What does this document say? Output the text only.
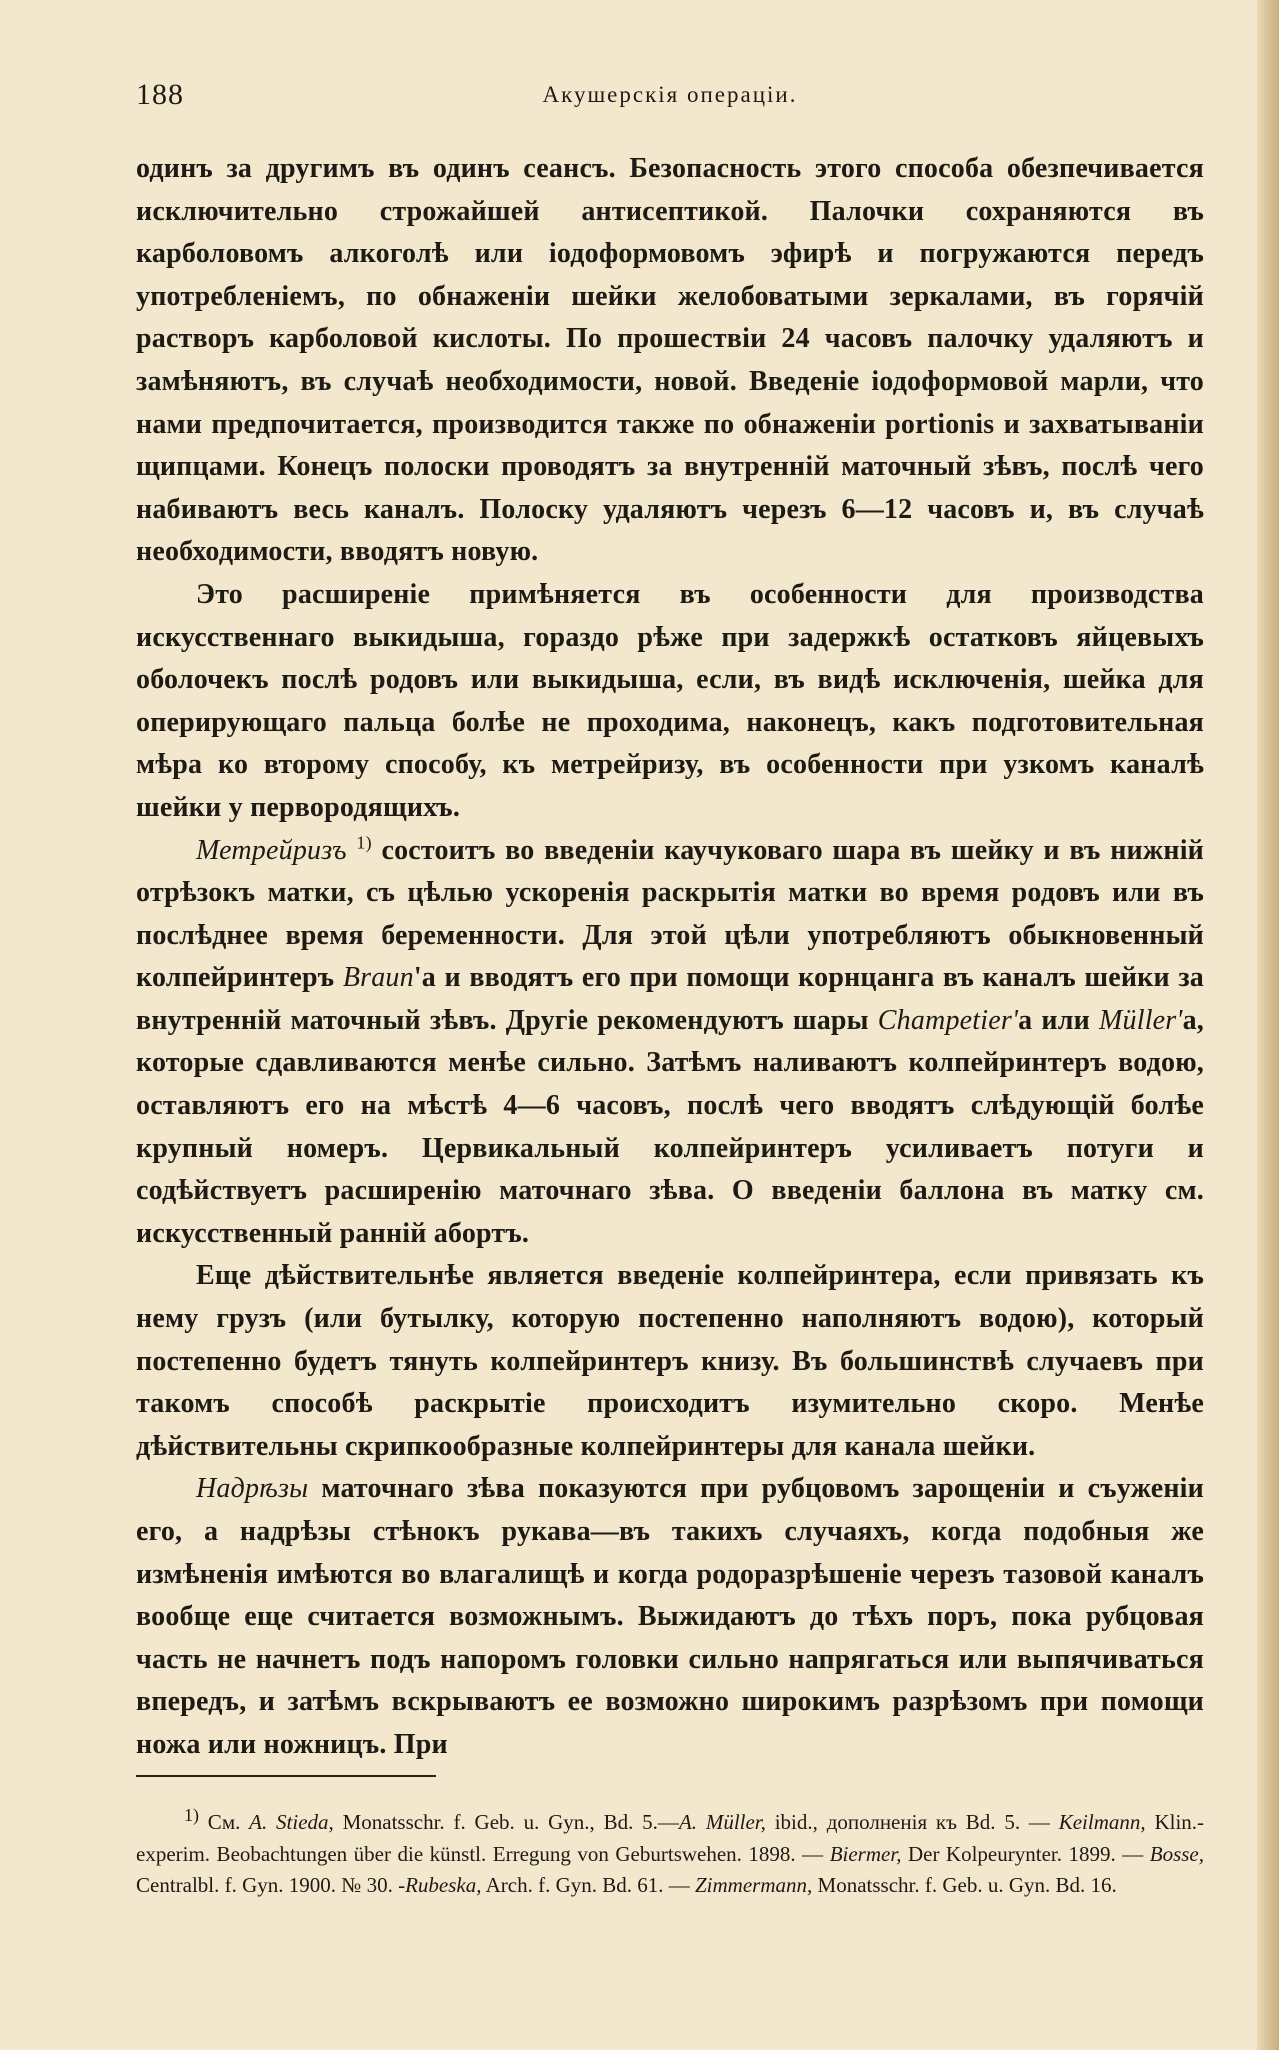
188	Акушерскія операціи.

одинъ за другимъ въ одинъ сеансъ. Безопасность этого способа обезпечивается исключительно строжайшей антисептикой. Палочки сохраняются въ карболовомъ алкоголѣ или іодоформовомъ эфирѣ и погружаются передъ употребленіемъ, по обнаженіи шейки желобоватыми зеркалами, въ горячій растворъ карболовой кислоты. По прошествіи 24 часовъ палочку удаляютъ и замѣняютъ, въ случаѣ необходимости, новой. Введеніе іодоформовой марли, что нами предпочитается, производится также по обнаженіи portionis и захватываніи щипцами. Конецъ полоски проводятъ за внутренній маточный зѣвъ, послѣ чего набиваютъ весь каналъ. Полоску удаляютъ черезъ 6—12 часовъ и, въ случаѣ необходимости, вводятъ новую.

Это расширеніе примѣняется въ особенности для производства искусственнаго выкидыша, гораздо рѣже при задержкѣ остатковъ яйцевыхъ оболочекъ послѣ родовъ или выкидыша, если, въ видѣ исключенія, шейка для оперирующаго пальца болѣе не проходима, наконецъ, какъ подготовительная мѣра ко второму способу, къ метрейризу, въ особенности при узкомъ каналѣ шейки у первородящихъ.

Метрейризъ $^{1)}$ состоитъ во введеніи каучуковаго шара въ шейку и въ нижній отрѣзокъ матки, съ цѣлью ускоренія раскрытія матки во время родовъ или въ послѣднее время беременности. Для этой цѣли употребляютъ обыкновенный колпейринтеръ Braun'а и вводятъ его при помощи корнцанга въ каналъ шейки за внутренній маточный зѣвъ. Другіе рекомендуютъ шары Champetier'а или Müller'а, которые сдавливаются менѣе сильно. Затѣмъ наливаютъ колпейринтеръ водою, оставляютъ его на мѣстѣ 4—6 часовъ, послѣ чего вводятъ слѣдующій болѣе крупный номеръ. Цервикальный колпейринтеръ усиливаетъ потуги и содѣйствуетъ расширенію маточнаго зѣва. О введеніи баллона въ матку см. искусственный ранній абортъ.

Еще дѣйствительнѣе является введеніе колпейринтера, если привязать къ нему грузъ (или бутылку, которую постепенно наполняютъ водою), который постепенно будетъ тянуть колпейринтеръ книзу. Въ большинствѣ случаевъ при такомъ способѣ раскрытіе происходитъ изумительно скоро. Менѣе дѣйствительны скрипкообразные колпейринтеры для канала шейки.

Надрѣзы маточнаго зѣва показуются при рубцовомъ зарощеніи и съуженіи его, а надрѣзы стѣнокъ рукава—въ такихъ случаяхъ, когда подобныя же измѣненія имѣются во влагалищѣ и когда родоразрѣшеніе черезъ тазовой каналъ вообще еще считается возможнымъ. Выжидаютъ до тѣхъ поръ, пока рубцовая часть не начнетъ подъ напоромъ головки сильно напрягаться или выпячиваться впередъ, и затѣмъ вскрываютъ ее возможно широкимъ разрѣзомъ при помощи ножа или ножницъ. При

1) См. A. Stieda, Monatsschr. f. Geb. u. Gyn., Bd. 5.—A. Müller, ibid., дополненія къ Bd. 5. — Keilmann, Klin.-experim. Beobachtungen über die künstl. Erregung von Geburtswehen. 1898. — Biermer, Der Kolpeurynter. 1899. — Bosse, Centralbl. f. Gyn. 1900. № 30. -Rubeska, Arch. f. Gyn. Bd. 61. — Zimmermann, Monatsschr. f. Geb. u. Gyn. Bd. 16.
